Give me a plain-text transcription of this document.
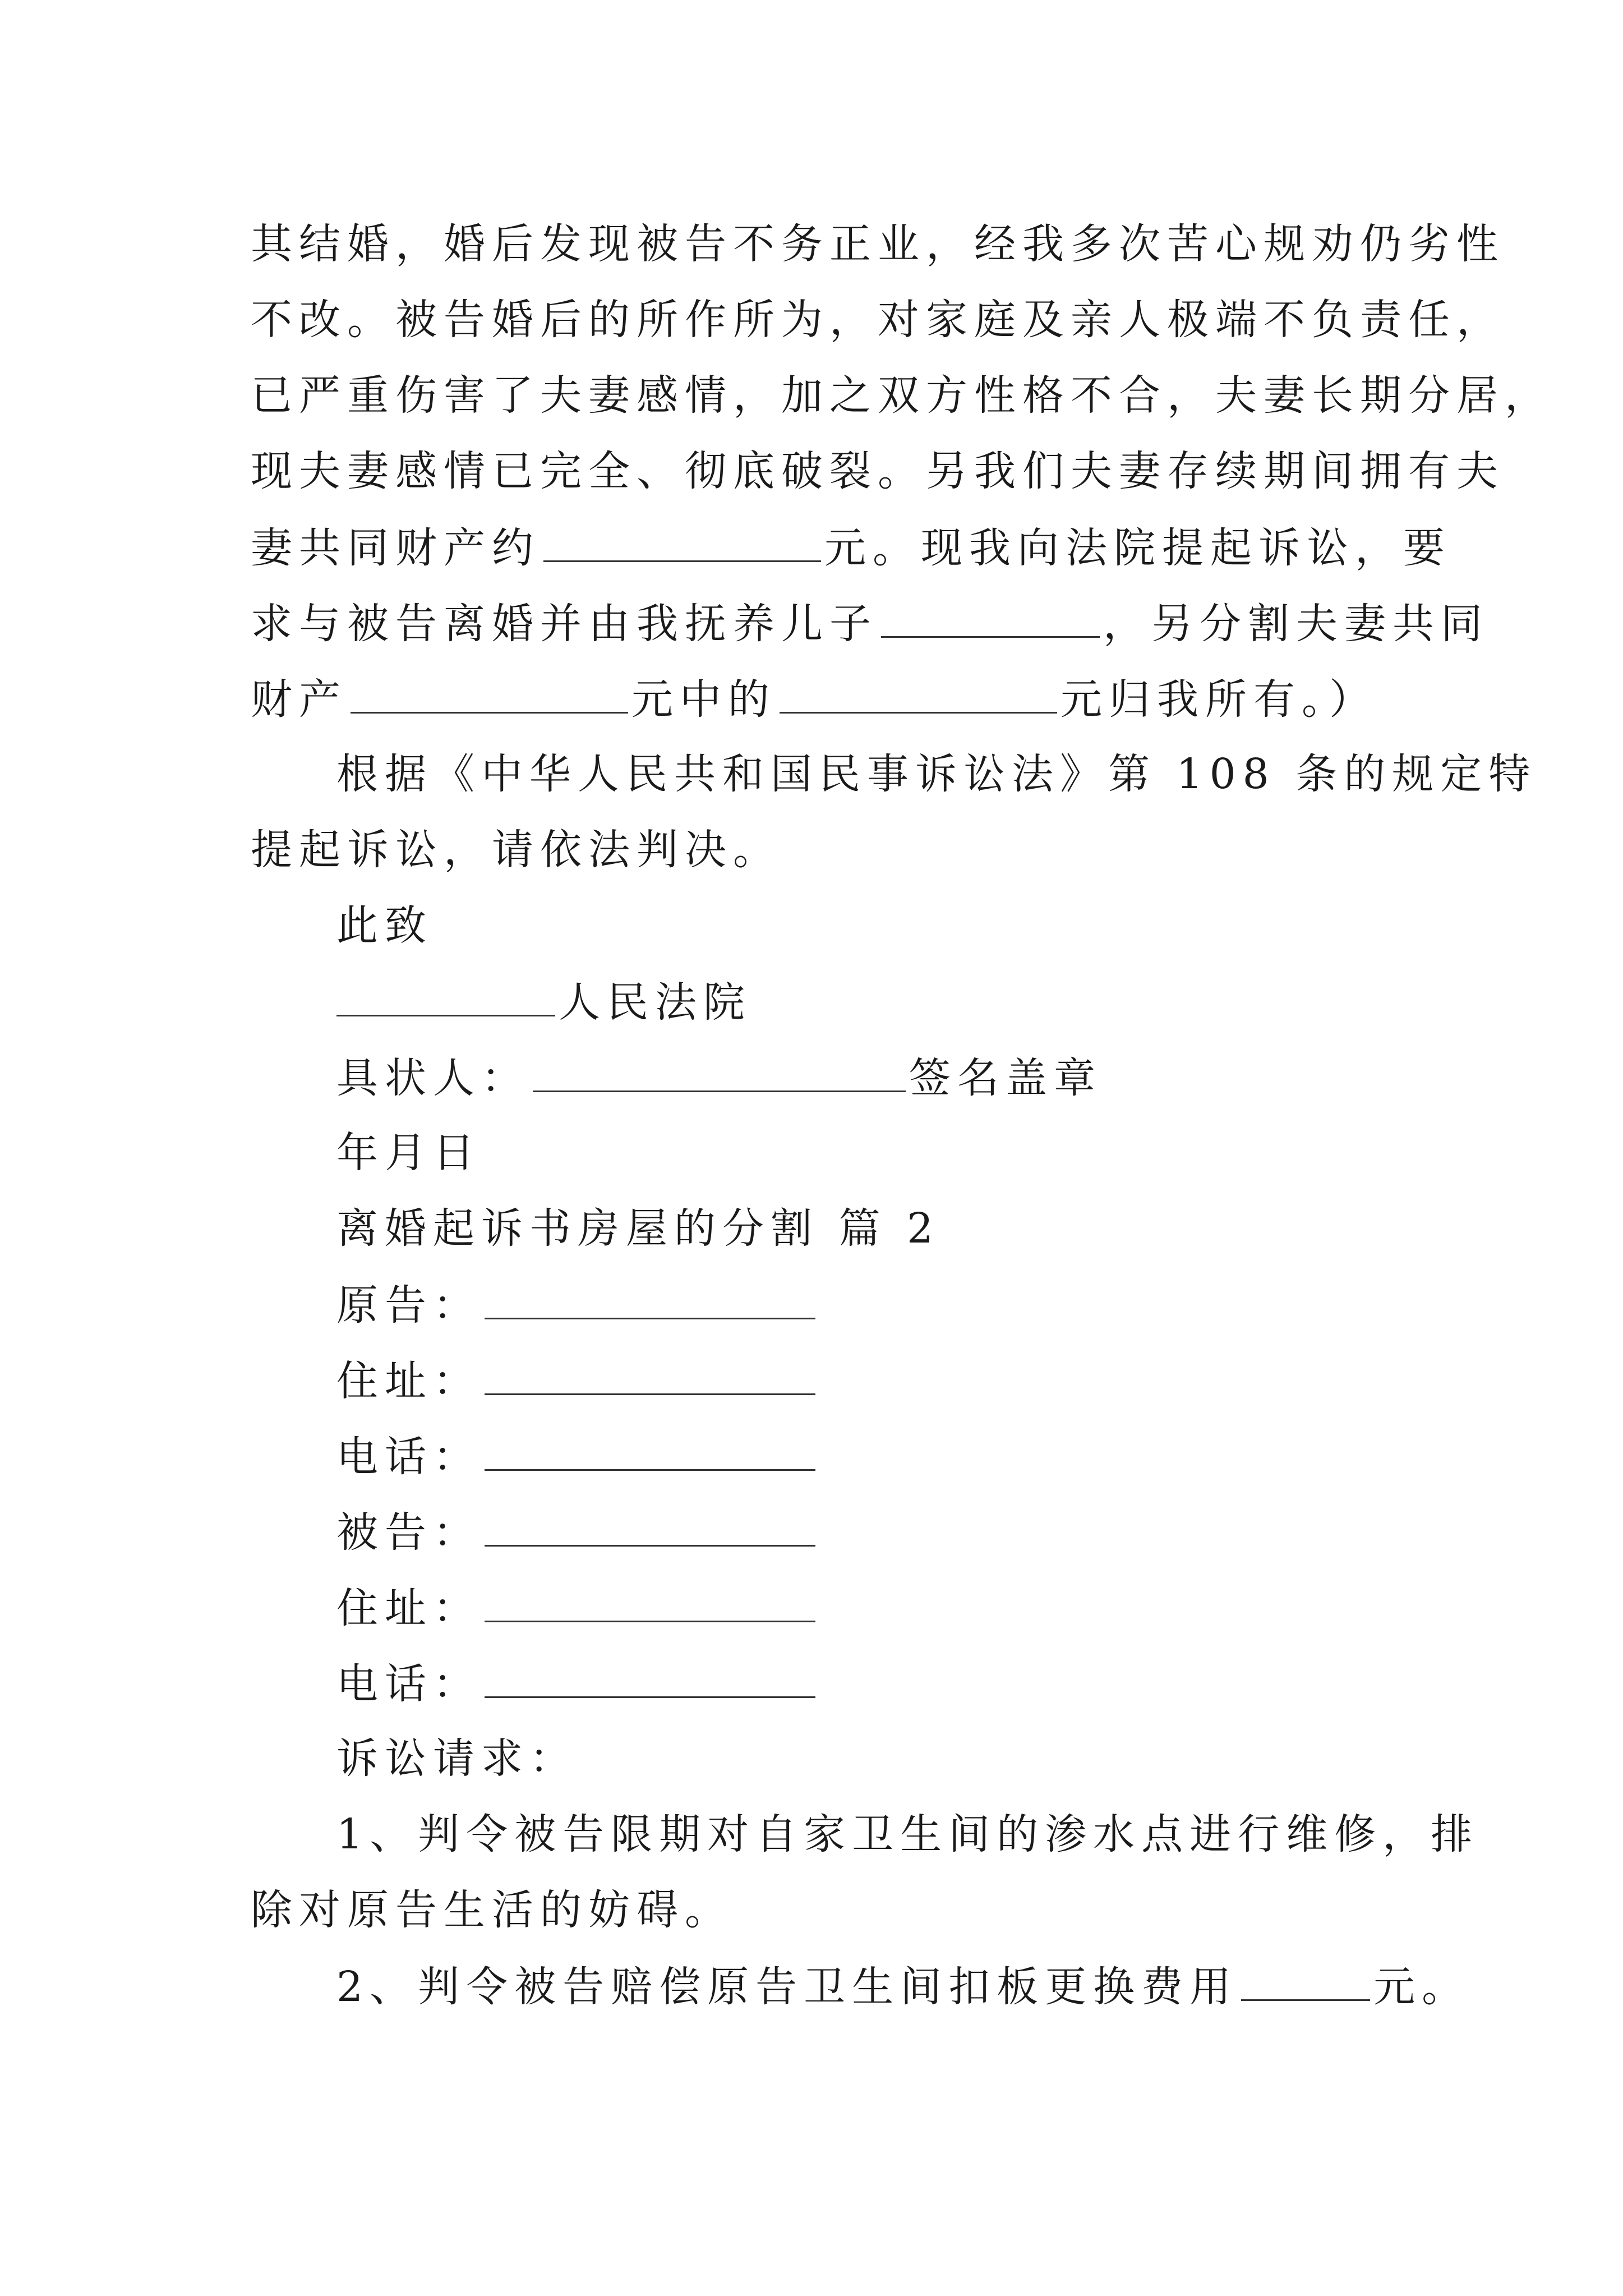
其结婚，婚后发现被告不务正业，经我多次苦心规劝仍劣性
不改。被告婚后的所作所为，对家庭及亲人极端不负责任，
已严重伤害了夫妻感情，加之双方性格不合，夫妻长期分居，
现夫妻感情已完全、彻底破裂。另我们夫妻存续期间拥有夫
妻共同财产约	元。现我向法院提起诉讼，要
求与被告离婚并由我抚养儿子	，另分割夫妻共同
财产	元中的	元归我所有。）
根据《中华人民共和国民事诉讼法》第 108 条的规定特
提起诉讼，请依法判决。
此致
人民法院
具状人：	签名盖章
年月日
离婚起诉书房屋的分割 篇 2
原告：
住址：
电话：
被告：
住址：
电话：
诉讼请求：
1、判令被告限期对自家卫生间的渗水点进行维修，排
除对原告生活的妨碍。
2、判令被告赔偿原告卫生间扣板更换费用	元。
